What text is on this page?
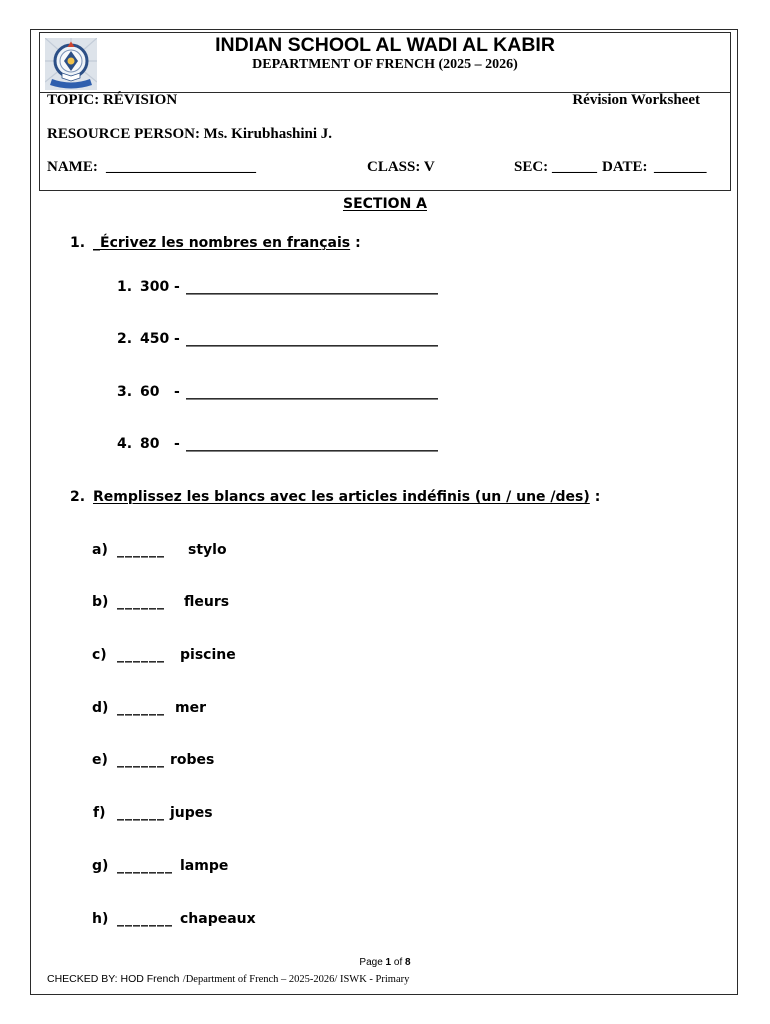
INDIAN SCHOOL AL WADI AL KABIR
DEPARTMENT OF FRENCH (2025 – 2026)
TOPIC: RÉVISION	Révision Worksheet
RESOURCE PERSON: Ms. Kirubhashini J.
NAME: ____________________	CLASS: V	SEC: ______ DATE: _______
SECTION A
1. _Écrivez les nombres en français :
1. 300 - ____________________________________
2. 450 - ____________________________________
3. 60 - ____________________________________
4. 80 - ____________________________________
2. Remplissez les blancs avec les articles indéfinis (un / une /des) :
a) ______ stylo
b) ______ fleurs
c) ______ piscine
d) ______ mer
e) ______ robes
f) ______ jupes
g) _______ lampe
h) _______ chapeaux
Page 1 of 8
CHECKED BY: HOD French /Department of French – 2025-2026/ ISWK - Primary
